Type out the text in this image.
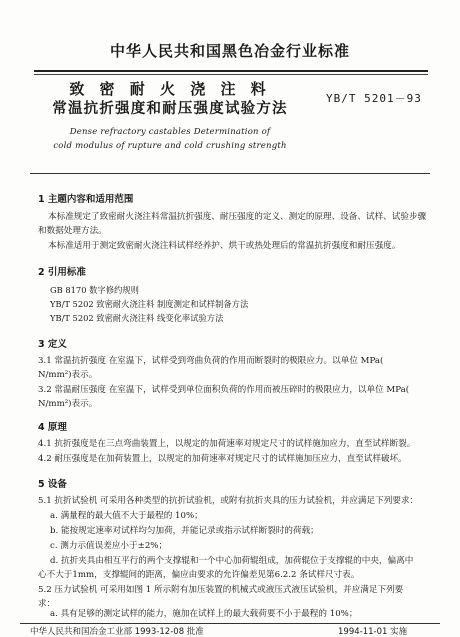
中华人民共和国黑色冶金行业标准
致 密 耐 火 浇 注 料
YB/T 5201－93
常温抗折强度和耐压强度试验方法
Dense refractory castables Determination of
cold modulus of rupture and cold crushing strength
1 主题内容和适用范围
本标准规定了致密耐火浇注料常温抗折强度、耐压强度的定义、测定的原理、设备、试样、试验步骤
和数据处理方法。
本标准适用于测定致密耐火浇注料试样经养护、烘干或热处理后的常温抗折强度和耐压强度。
2 引用标准
GB 8170 数字修约规则
YB/T 5202 致密耐火浇注料 制度测定和试样制备方法
YB/T 5202 致密耐火浇注料 线变化率试验方法
3 定义
3.1 常温抗折强度 在室温下，试样受到弯曲负荷的作用而断裂时的极限应力。以单位 MPa(
N/mm²)表示。
3.2 常温耐压强度 在室温下，试样受到单位面积负荷的作用而被压碎时的极限应力，以单位 MPa(
N/mm²)表示。
4 原理
4.1 抗折强度是在三点弯曲装置上，以规定的加荷速率对规定尺寸的试样施加应力，直至试样断裂。
4.2 耐压强度是在加荷装置上，以规定的加荷速率对规定尺寸的试样施加压应力，直至试样破坏。
5 设备
5.1 抗折试验机 可采用各种类型的抗折试验机，或附有抗折夹具的压力试验机，并应满足下列要求：
a. 满量程的最大值不大于最程的 10%；
b. 能按规定速率对试样均匀加荷，并能记录或指示试样断裂时的荷载；
c. 测力示值误差应小于±2%；
d. 抗折夹具由相互平行的两个支撑辊和一个中心加荷辊组成，加荷辊位于支撑辊的中央，偏离中
心不大于1mm，支撑辊间的距离，偏应由要求的允许偏差见第6.2.2 条试样尺寸表。
5.2 压力试验机 可采用如图 1 所示附有加压装置的机械式或液压式液压试验机，并应满足下列要
求：
a. 具有足够的测定试样的能力，施加在试样上的最大载荷要不小于最程的 10%；
中华人民共和国冶金工业部 1993-12-08 批准	1994-11-01 实施
